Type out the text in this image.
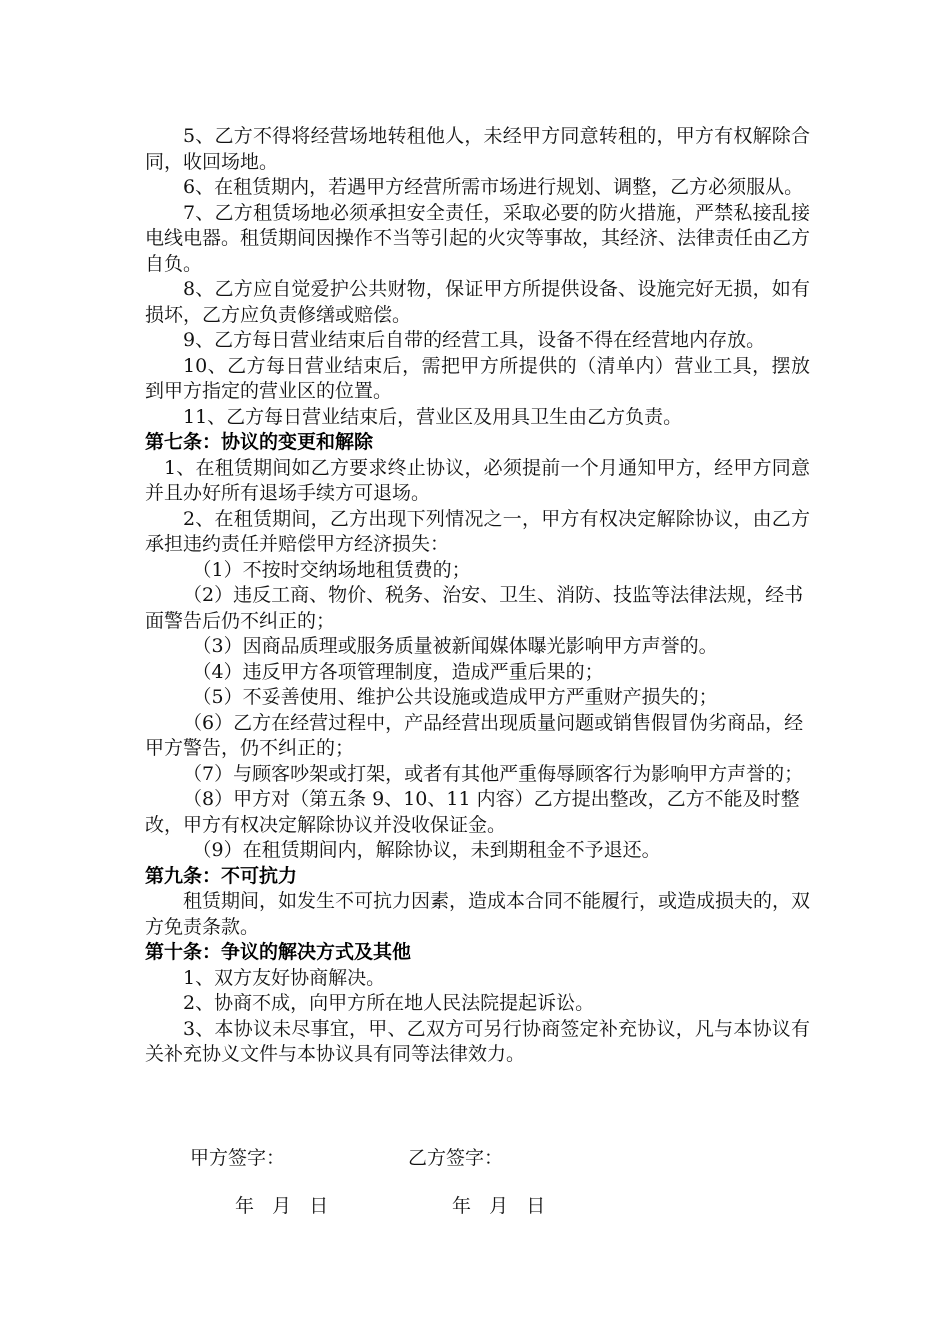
5、乙方不得将经营场地转租他人，未经甲方同意转租的，甲方有权解除合同，收回场地。

6、在租赁期内，若遇甲方经营所需市场进行规划、调整，乙方必须服从。

7、乙方租赁场地必须承担安全责任，采取必要的防火措施，严禁私接乱接电线电器。租赁期间因操作不当等引起的火灾等事故，其经济、法律责任由乙方自负。

8、乙方应自觉爱护公共财物，保证甲方所提供设备、设施完好无损，如有损坏，乙方应负责修缮或赔偿。

9、乙方每日营业结束后自带的经营工具，设备不得在经营地内存放。

10、乙方每日营业结束后，需把甲方所提供的（清单内）营业工具，摆放到甲方指定的营业区的位置。

11、乙方每日营业结束后，营业区及用具卫生由乙方负责。

第七条：协议的变更和解除

1、在租赁期间如乙方要求终止协议，必须提前一个月通知甲方，经甲方同意并且办好所有退场手续方可退场。

2、在租赁期间，乙方出现下列情况之一，甲方有权决定解除协议，由乙方承担违约责任并赔偿甲方经济损失：

（1）不按时交纳场地租赁费的；

（2）违反工商、物价、税务、治安、卫生、消防、技监等法律法规，经书面警告后仍不纠正的；

（3）因商品质理或服务质量被新闻媒体曝光影响甲方声誉的。

（4）违反甲方各项管理制度，造成严重后果的；

（5）不妥善使用、维护公共设施或造成甲方严重财产损失的；

（6）乙方在经营过程中，产品经营出现质量问题或销售假冒伪劣商品，经甲方警告，仍不纠正的；

（7）与顾客吵架或打架，或者有其他严重侮辱顾客行为影响甲方声誉的；

（8）甲方对（第五条 9、10、11 内容）乙方提出整改，乙方不能及时整改，甲方有权决定解除协议并没收保证金。

（9）在租赁期间内，解除协议，未到期租金不予退还。

第九条：不可抗力

租赁期间，如发生不可抗力因素，造成本合同不能履行，或造成损夫的，双方免责条款。

第十条：争议的解决方式及其他

1、双方友好协商解决。

2、协商不成，向甲方所在地人民法院提起诉讼。

3、本协议未尽事宜，甲、乙双方可另行协商签定补充协议，凡与本协议有关补充协义文件与本协议具有同等法律效力。

甲方签字：	乙方签字：
年   月   日	年   月   日
